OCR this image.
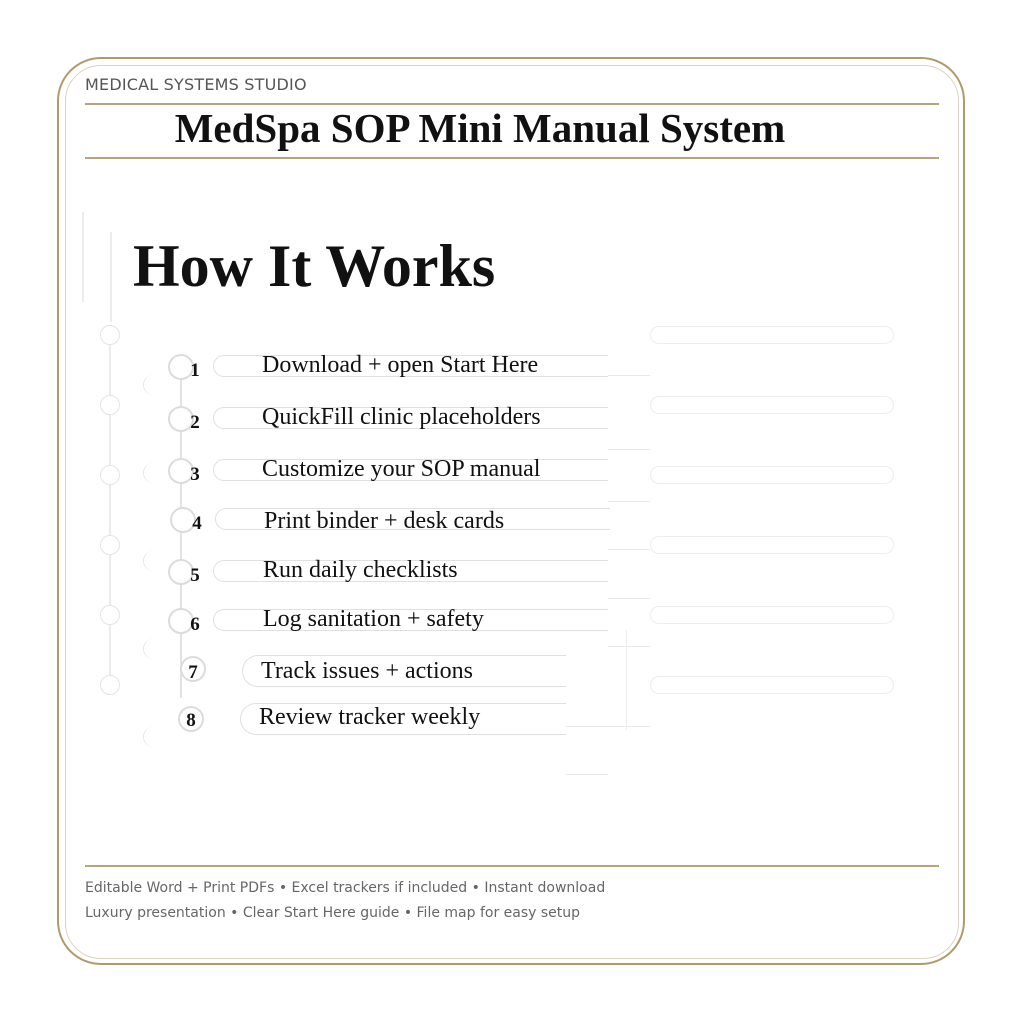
MEDICAL SYSTEMS STUDIO
MedSpa SOP Mini Manual System
How It Works
1	Download + open Start Here
2	QuickFill clinic placeholders
3	Customize your SOP manual
4	Print binder + desk cards
5	Run daily checklists
6	Log sanitation + safety
7	Track issues + actions
8	Review tracker weekly
Editable Word + Print PDFs • Excel trackers if included • Instant download
Luxury presentation • Clear Start Here guide • File map for easy setup
